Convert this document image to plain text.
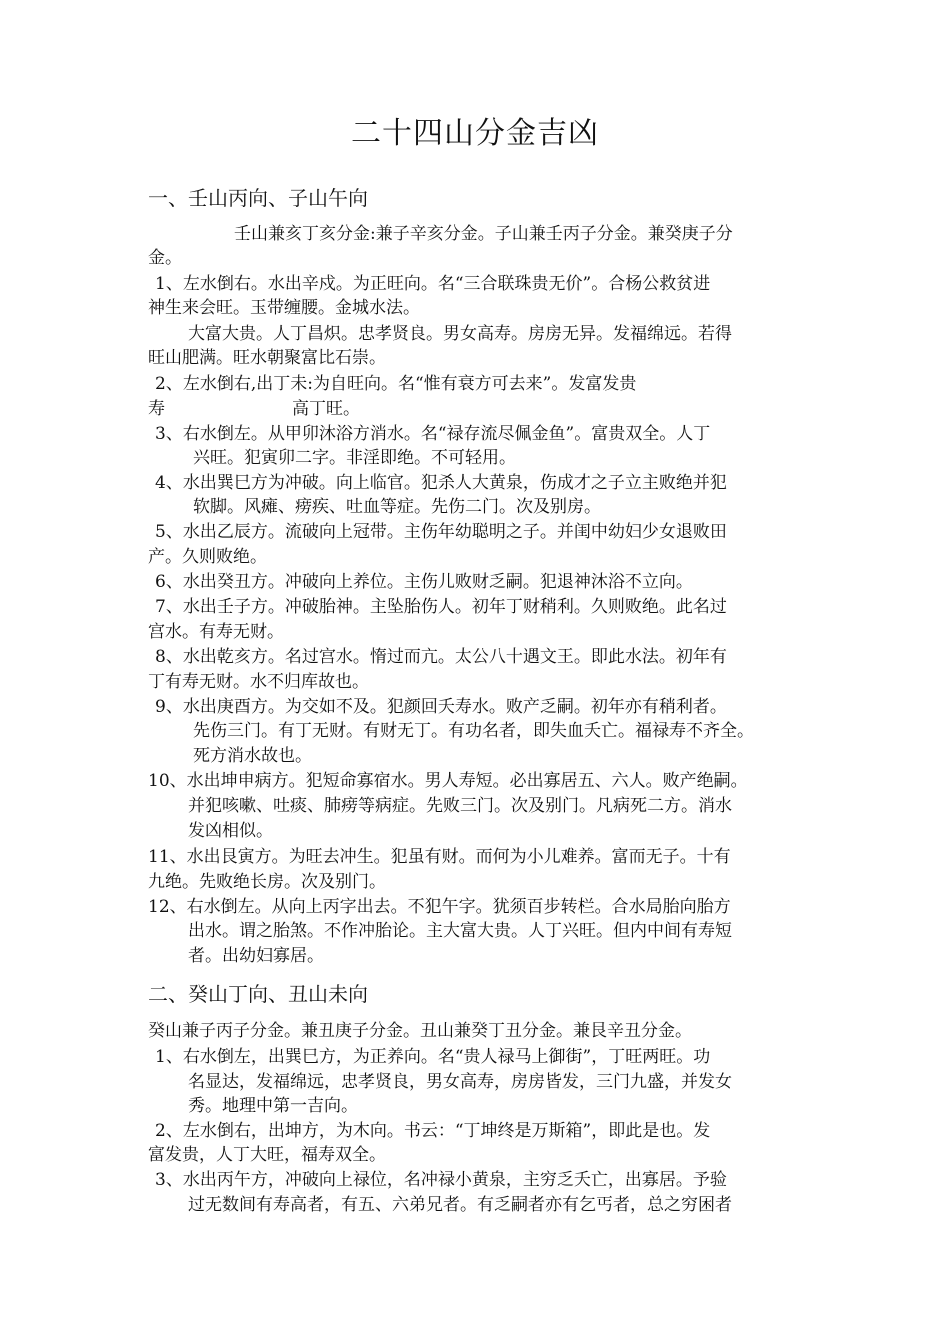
二十四山分金吉凶
一、壬山丙向、子山午向
壬山兼亥丁亥分金:兼子辛亥分金。子山兼壬丙子分金。兼癸庚子分
金。
1、左水倒右。水出辛戍。为正旺向。名“三合联珠贵无价”。合杨公救贫进
神生来会旺。玉带缠腰。金城水法。
大富大贵。人丁昌炽。忠孝贤良。男女高寿。房房无异。发福绵远。若得
旺山肥满。旺水朝聚富比石崇。
2、左水倒右,出丁未:为自旺向。名“惟有衰方可去来”。发富发贵
寿	高丁旺。
3、右水倒左。从甲卯沐浴方消水。名“禄存流尽佩金鱼”。富贵双全。人丁
兴旺。犯寅卯二字。非淫即绝。不可轻用。
4、水出巽巳方为冲破。向上临官。犯杀人大黄泉，伤成才之子立主败绝并犯
软脚。风瘫、痨疾、吐血等症。先伤二门。次及别房。
5、水出乙辰方。流破向上冠带。主伤年幼聪明之子。并闺中幼妇少女退败田
产。久则败绝。
6、水出癸丑方。冲破向上养位。主伤儿败财乏嗣。犯退神沐浴不立向。
7、水出壬子方。冲破胎神。主坠胎伤人。初年丁财稍利。久则败绝。此名过
宫水。有寿无财。
8、水出乾亥方。名过宫水。惰过而亢。太公八十遇文王。即此水法。初年有
丁有寿无财。水不归库故也。
9、水出庚酉方。为交如不及。犯颜回夭寿水。败产乏嗣。初年亦有稍利者。
先伤三门。有丁无财。有财无丁。有功名者，即失血夭亡。福禄寿不齐全。
死方消水故也。
10、水出坤申病方。犯短命寡宿水。男人寿短。必出寡居五、六人。败产绝嗣。
并犯咳嗽、吐痰、肺痨等病症。先败三门。次及别门。凡病死二方。消水
发凶相似。
11、水出艮寅方。为旺去冲生。犯虽有财。而何为小儿难养。富而无子。十有
九绝。先败绝长房。次及别门。
12、右水倒左。从向上丙字出去。不犯午字。犹须百步转栏。合水局胎向胎方
出水。谓之胎煞。不作冲胎论。主大富大贵。人丁兴旺。但内中间有寿短
者。出幼妇寡居。
二、癸山丁向、丑山未向
癸山兼子丙子分金。兼丑庚子分金。丑山兼癸丁丑分金。兼艮辛丑分金。
1、右水倒左，出巽巳方，为正养向。名“贵人禄马上御街”，丁旺两旺。功
名显达，发福绵远，忠孝贤良，男女高寿，房房皆发，三门九盛，并发女
秀。地理中第一吉向。
2、左水倒右，出坤方，为木向。书云：“丁坤终是万斯箱”，即此是也。发
富发贵，人丁大旺，福寿双全。
3、水出丙午方，冲破向上禄位，名冲禄小黄泉，主穷乏夭亡，出寡居。予验
过无数间有寿高者，有五、六弟兄者。有乏嗣者亦有乞丐者，总之穷困者
